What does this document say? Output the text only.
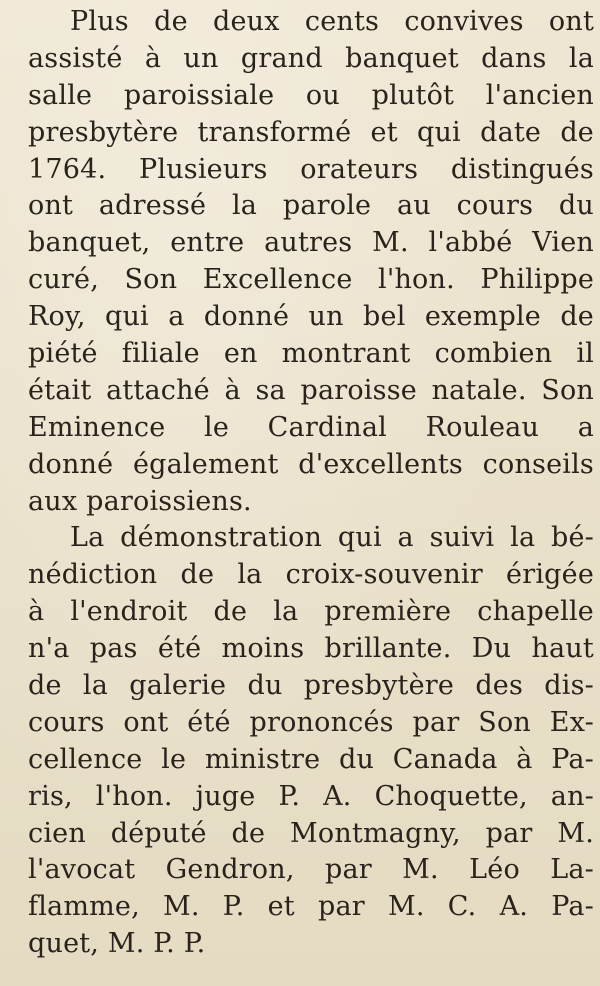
Plus de deux cents convives ont
assisté à un grand banquet dans la
salle paroissiale ou plutôt l'ancien
presbytère transformé et qui date de
1764. Plusieurs orateurs distingués
ont adressé la parole au cours du
banquet, entre autres M. l'abbé Vien
curé, Son Excellence l'hon. Philippe
Roy, qui a donné un bel exemple de
piété filiale en montrant combien il
était attaché à sa paroisse natale. Son
Eminence le Cardinal Rouleau a
donné également d'excellents conseils
aux paroissiens.
La démonstration qui a suivi la bé-
nédiction de la croix-souvenir érigée
à l'endroit de la première chapelle
n'a pas été moins brillante. Du haut
de la galerie du presbytère des dis-
cours ont été prononcés par Son Ex-
cellence le ministre du Canada à Pa-
ris, l'hon. juge P. A. Choquette, an-
cien député de Montmagny, par M.
l'avocat Gendron, par M. Léo La-
flamme, M. P. et par M. C. A. Pa-
quet, M. P. P.
